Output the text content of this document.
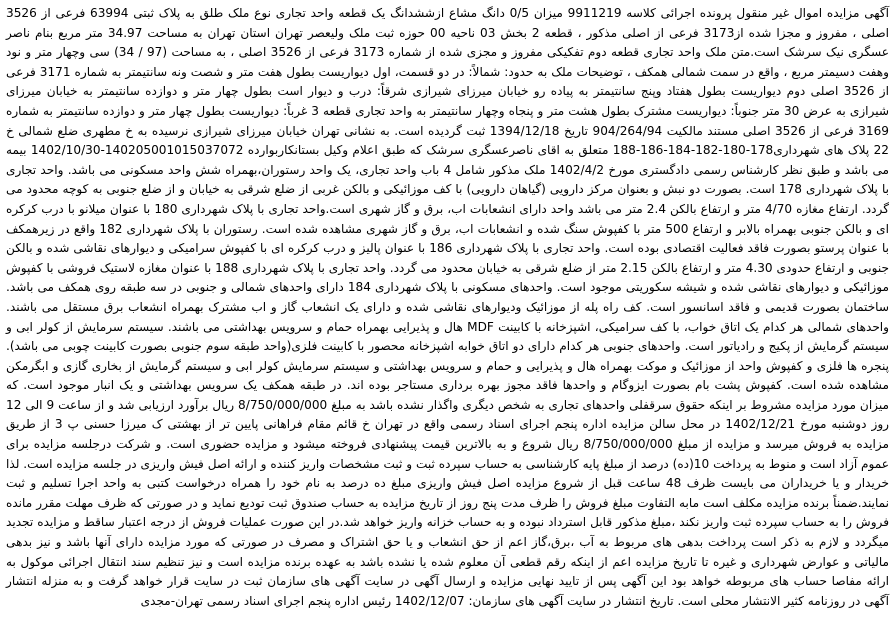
آگهی مزایده اموال غیر منقول پرونده اجرائی کلاسه 9911219 میزان 0/5 دانگ مشاع ازششدانگ یک قطعه واحد تجاری نوع ملک طلق به پلاک ثبتی 63994 فرعی از 3526 اصلی ، مفروز و مجزا شده از3173 فرعی از اصلی مذکور ، قطعه 2 بخش 03 ناحیه 00 حوزه ثبت ملک ولیعصر تهران استان تهران به مساحت 34.97 متر مربع بنام ناصر عسگری نیک سرشک است.متن ملک واحد تجاری قطعه دوم تفکیکی مفروز و مجزی شده از شماره 3173 فرعی از 3526 اصلی ، به مساحت (97 / 34) سی وچهار متر و نود وهفت دسیمتر مربع ، واقع در سمت شمالی همکف ، توضیحات ملک به حدود: شمالاً: در دو قسمت، اول دیواریست بطول هفت متر و شصت ونه سانتیمتر به شماره 3171 فرعی از 3526 اصلی دوم دیواریست بطول هفتاد وپنج سانتیمتر به پیاده رو خیابان میرزای شیرازی شرقاً: درب و دیوار است بطول چهار متر و دوازده سانتیمتر به خیابان میرزای شیرازی به عرض 30 متر جنوباً: دیواریست مشترک بطول هشت متر و پنجاه وچهار سانتیمتر به واحد تجاری قطعه 3 غرباً: دیواریست بطول چهار متر و دوازده سانتیمتر به شماره 3169 فرعی از 3526 اصلی مستند مالکیت 904/264/94 تاریخ 1394/12/18 ثبت گردیده است. به نشانی تهران خیابان میرزای شیرازی نرسیده به خ مطهری ضلع شمالی خ 22 پلاک های شهرداری178-180-182-184-186-188 متعلق به اقای ناصرعسگری سرشک که طبق اعلام وکیل بستانکاربوارده 140205001015037072-1402/10/30 بیمه می باشد و طبق نظر کارشناس رسمی دادگستری مورخ 1402/4/2 ملک مذکور شامل 4 باب واحد تجاری، یک واحد رستوران،بهمراه شش واحد مسکونی می باشد. واحد تجاری با پلاک شهرداری 178 است. بصورت دو نبش و بعنوان مرکز دارویی (گیاهان دارویی) با کف موزائیکی و بالکن غربی از ضلع شرقی به خیابان و از ضلع جنوبی به کوچه محدود می گردد. ارتفاع مغازه 4/70 متر و ارتفاع بالکن 2.4 متر می باشد واحد دارای انشعابات اب، برق و گاز شهری است.واحد تجاری با پلاک شهرداری 180 با عنوان میلانو با درب کرکره ای و بالکن جنوبی بهمراه بالابر و ارتفاع 500 متر با کفپوش سنگ شده و انشعابات اب، برق و گاز شهری مشاهده شده است. رستوران با پلاک شهرداری 182 واقع در زیرهمکف با عنوان پرستو بصورت فاقد فعالیت اقتصادی بوده است. واحد تجاری با پلاک شهرداری 186 با عنوان پالیز و درب کرکره ای با کفپوش سرامیکی و دیوارهای نقاشی شده و بالکن جنوبی و ارتفاع حدودی 4.30 متر و ارتفاع بالکن 2.15 متر از ضلع شرقی به خیابان محدود می گردد. واحد تجاری با پلاک شهرداری 188 با عنوان مغازه لاستیک فروشی با کفپوش موزائیکی و دیوارهای نقاشی شده و شیشه سکوریتی موجود است. واحدهای مسکونی با پلاک شهرداری 184 دارای واحدهای شمالی و جنوبی در سه طبقه روی همکف می باشد. ساختمان بصورت قدیمی و فاقد اسانسور است. کف راه پله از موزائیک ودیوارهای نقاشی شده و دارای یک انشعاب گاز و اب مشترک بهمراه انشعاب برق مستقل می باشند. واحدهای شمالی هر کدام یک اتاق خواب، با کف سرامیکی، اشپزخانه با کابینت MDF هال و پذیرایی بهمراه حمام و سرویس بهداشتی می باشند. سیستم سرمایش از کولر ابی و سیستم گرمایش از پکیج و رادیاتور است. واحدهای جنوبی هر کدام دارای دو اتاق خوابه اشپزخانه محصور با کابینت فلزی(واحد طبقه سوم جنوبی بصورت کابینت چوبی می باشد). پنجره ها فلزی و کفپوش واحد از موزائیک و موکت بهمراه هال و پذیرایی و حمام و سرویس بهداشتی و سیستم سرمایش کولر ابی و سیستم گرمایش از بخاری گازی و ابگرمکن مشاهده شده است. کفپوش پشت بام بصورت ایزوگام و واحدها فاقد مجوز بهره برداری مستاجر بوده اند. در طبقه همکف یک سرویس بهداشتی و یک انبار موجود است. که میزان مورد مزایده مشروط بر اینکه حقوق سرقفلی واحدهای تجاری به شخص دیگری واگذار نشده باشد به مبلغ 8/750/000/000 ریال برآورد ارزیابی شد و از ساعت 9 الی 12 روز دوشنبه مورخ 1402/12/21 در محل سالن مزایده اداره پنجم اجرای اسناد رسمی واقع در تهران خ قائم مقام فراهانی پایین تر از بهشتی ک میرزا حسنی پ 3 از طریق مزایده به فروش میرسد و مزایده از مبلغ 8/750/000/000 ریال شروع و به بالاترین قیمت پیشنهادی فروخته میشود و مزایده حضوری است. و شرکت درجلسه مزایده برای عموم آزاد است و منوط به پرداخت 10(ده) درصد از مبلغ پایه کارشناسی به حساب سپرده ثبت و ثبت مشخصات واریز کننده و ارائه اصل فیش واریزی در جلسه مزایده است. لذا خریدار و یا خریداران می بایست ظرف 48 ساعت قبل از شروع مزایده اصل فیش واریزی مبلغ ده درصد به نام خود را همراه درخواست کتبی به واحد اجرا تسلیم و ثبت نمایند.ضمناً برنده مزایده مکلف است مابه التفاوت مبلغ فروش را ظرف مدت پنج روز از تاریخ مزایده به حساب صندوق ثبت تودیع نماید و در صورتی که ظرف مهلت مقرر مانده فروش را به حساب سپرده ثبت واریز نکند ،مبلغ مذکور قابل استرداد نبوده و به حساب خزانه واریز خواهد شد.در این صورت عملیات فروش از درجه اعتبار ساقط و مزایده تجدید میگردد و لازم به ذکر است پرداخت بدهی های مربوط به آب ،برق،گاز اعم از حق انشعاب و یا حق اشتراک و مصرف در صورتی که مورد مزایده دارای آنها باشد و نیز بدهی مالیاتی و عوارض شهرداری و غیره تا تاریخ مزایده اعم از اینکه رقم قطعی آن معلوم شده یا نشده باشد به عهده برنده مزایده است و نیز تنظیم سند انتقال اجرائی موکول به ارائه مفاصا حساب های مربوطه خواهد بود این آگهی پس از تایید نهایی مزایده و ارسال آگهی در سایت آگهی های سازمان ثبت در سایت قرار خواهد گرفت و به منزله انتشار آگهی در روزنامه کثیر الانتشار محلی است. تاریخ انتشار در سایت آگهی های سازمان: 1402/12/07 رئیس اداره پنجم اجرای اسناد رسمی تهران-مجدی
